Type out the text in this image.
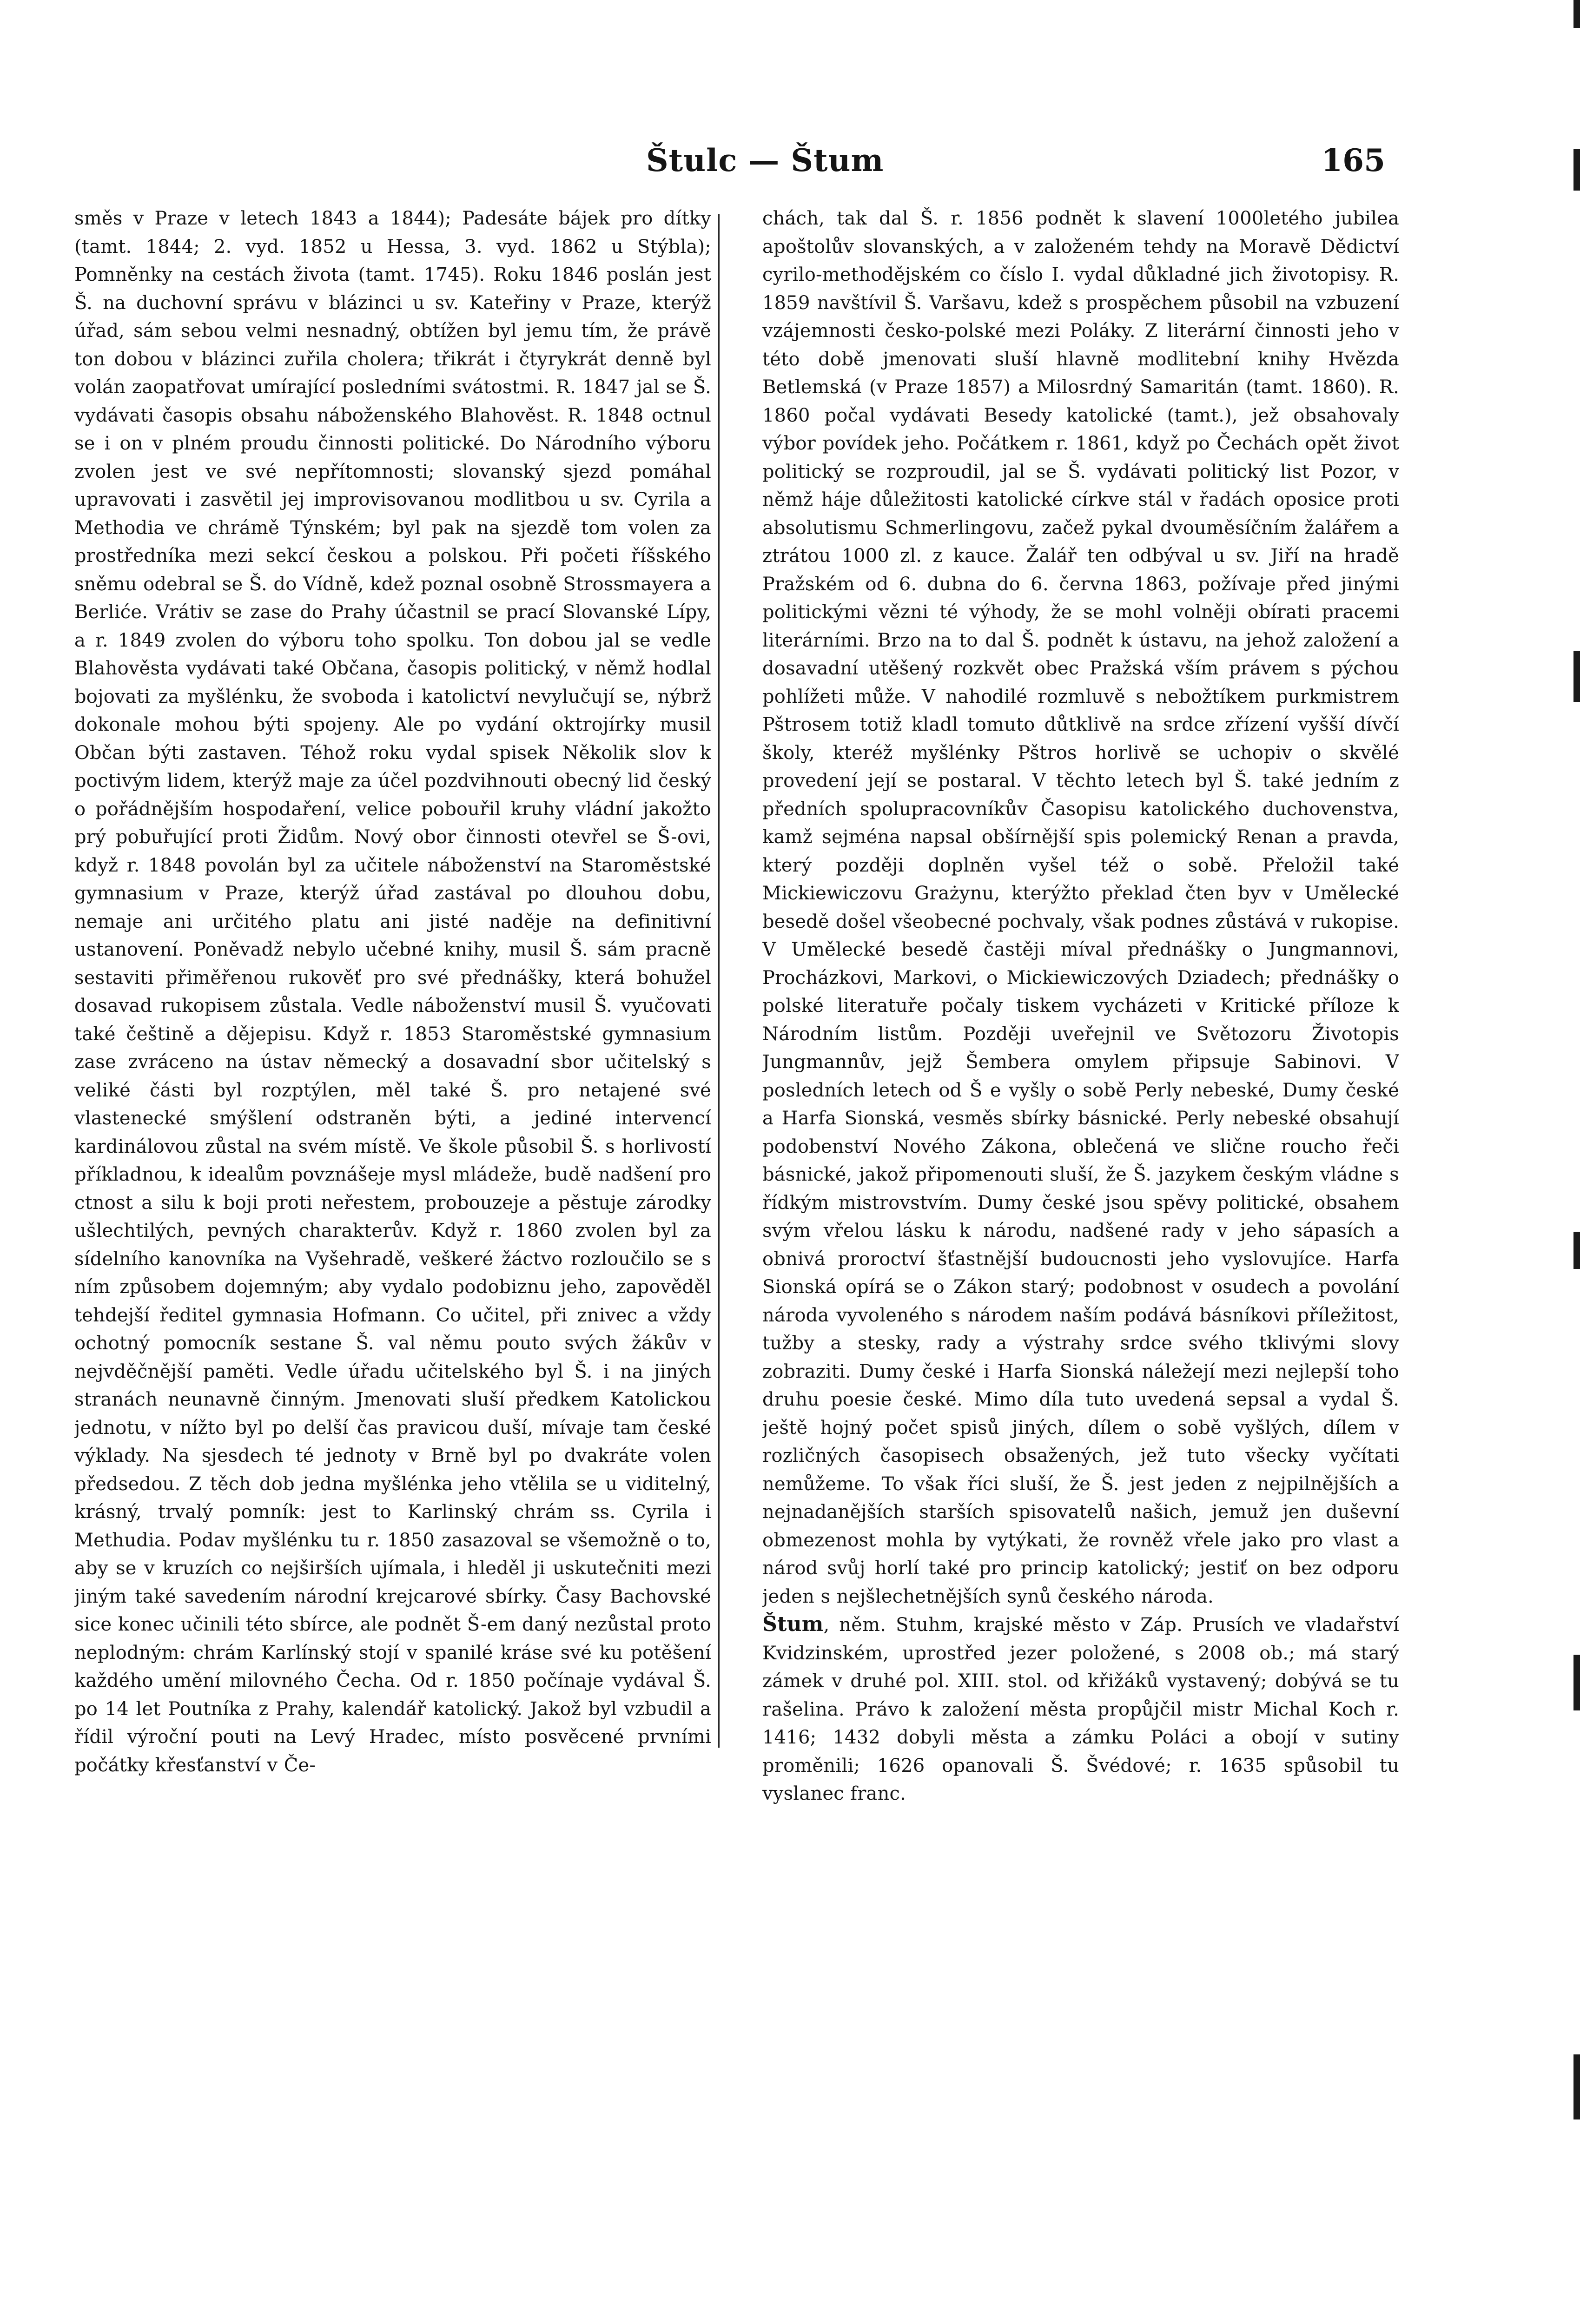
Štulc — Štum	165
směs v Praze v letech 1843 a 1844); Padesáte bájek pro dítky (tamt. 1844; 2. vyd. 1852 u Hessa, 3. vyd. 1862 u Stýbla); Pomněnky na cestách života (tamt. 1745). Roku 1846 poslán jest Š. na duchovní správu v blázinci u sv. Kateřiny v Praze, kterýž úřad, sám sebou velmi nesnadný, obtížen byl jemu tím, že právě ton dobou v blázinci zuřila cholera; třikrát i čtyrykrát denně byl volán zaopatřovat umírající posledními svátostmi. R. 1847 jal se Š. vydávati časopis obsahu náboženského Blahověst. R. 1848 octnul se i on v plném proudu činnosti politické. Do Národního výboru zvolen jest ve své nepřítomnosti; slovanský sjezd pomáhal upravovati i zasvětil jej improvisovanou modlitbou u sv. Cyrila a Methodia ve chrámě Týnském; byl pak na sjezdě tom volen za prostředníka mezi sekcí českou a polskou. Při početi říšského sněmu odebral se Š. do Vídně, kdež poznal osobně Strossmayera a Berliće. Vrátiv se zase do Prahy účastnil se prací Slovanské Lípy, a r. 1849 zvolen do výboru toho spolku. Ton dobou jal se vedle Blahověsta vydávati také Občana, časopis politický, v němž hodlal bojovati za myšlénku, že svoboda i katolictví nevylučují se, nýbrž dokonale mohou býti spojeny. Ale po vydání oktrojírky musil Občan býti zastaven. Téhož roku vydal spisek Několik slov k poctivým lidem, kterýž maje za účel pozdvihnouti obecný lid český o pořádnějším hospodaření, velice pobouřil kruhy vládní jakožto prý pobuřující proti Židům. Nový obor činnosti otevřel se Š-ovi, když r. 1848 povolán byl za učitele náboženství na Staroměstské gymnasium v Praze, kterýž úřad zastával po dlouhou dobu, nemaje ani určitého platu ani jisté naděje na definitivní ustanovení. Poněvadž nebylo učebné knihy, musil Š. sám pracně sestaviti přiměřenou rukověť pro své přednášky, která bohužel dosavad rukopisem zůstala. Vedle náboženství musil Š. vyučovati také češtině a dějepisu. Když r. 1853 Staroměstské gymnasium zase zvráceno na ústav německý a dosavadní sbor učitelský s veliké části byl rozptýlen, měl také Š. pro netajené své vlastenecké smýšlení odstraněn býti, a jediné intervencí kardinálovou zůstal na svém místě. Ve škole působil Š. s horlivostí příkladnou, k idealům povznášeje mysl mládeže, budě nadšení pro ctnost a silu k boji proti neřestem, probouzeje a pěstuje zárodky ušlechtilých, pevných charakterův. Když r. 1860 zvolen byl za sídelního kanovníka na Vyšehradě, veškeré žáctvo rozloučilo se s ním způsobem dojemným; aby vydalo podobiznu jeho, zapověděl tehdejší ředitel gymnasia Hofmann. Co učitel, při znivec a vždy ochotný pomocník sestane Š. val němu pouto svých žákův v nejvděčnější paměti. Vedle úřadu učitelského byl Š. i na jiných stranách neunavně činným. Jmenovati sluší předkem Katolickou jednotu, v nížto byl po delší čas pravicou duší, mívaje tam české výklady. Na sjesdech té jednoty v Brně byl po dvakráte volen předsedou. Z těch dob jedna myšlénka jeho vtělila se u viditelný, krásný, trvalý pomník: jest to Karlinský chrám ss. Cyrila i Methudia. Podav myšlénku tu r. 1850 zasazoval se všemožně o to, aby se v kruzích co nejširších ujímala, i hleděl ji uskutečniti mezi jiným také savedením národní krejcarové sbírky. Časy Bachovské sice konec učinili této sbírce, ale podnět Š-em daný nezůstal proto neplodným: chrám Karlínský stojí v spanilé kráse své ku potěšení každého umění milovného Čecha. Od r. 1850 počínaje vydával Š. po 14 let Poutníka z Prahy, kalendář katolický. Jakož byl vzbudil a řídil výroční pouti na Levý Hradec, místo posvěcené prvními počátky křesťanství v Če-
chách, tak dal Š. r. 1856 podnět k slavení 1000letého jubilea apoštolův slovanských, a v založeném tehdy na Moravě Dědictví cyrilo-methodějském co číslo I. vydal důkladné jich životopisy. R. 1859 navštívil Š. Varšavu, kdež s prospěchem působil na vzbuzení vzájemnosti česko-polské mezi Poláky. Z literární činnosti jeho v této době jmenovati sluší hlavně modlitební knihy Hvězda Betlemská (v Praze 1857) a Milosrdný Samaritán (tamt. 1860). R. 1860 počal vydávati Besedy katolické (tamt.), jež obsahovaly výbor povídek jeho. Počátkem r. 1861, když po Čechách opět život politický se rozproudil, jal se Š. vydávati politický list Pozor, v němž háje důležitosti katolické církve stál v řadách oposice proti absolutismu Schmerlingovu, začež pykal dvouměsíčním žalářem a ztrátou 1000 zl. z kauce. Žalář ten odbýval u sv. Jiří na hradě Pražském od 6. dubna do 6. června 1863, požívaje před jinými politickými vězni té výhody, že se mohl volněji obírati pracemi literárními. Brzo na to dal Š. podnět k ústavu, na jehož založení a dosavadní utěšený rozkvět obec Pražská vším právem s pýchou pohlížeti může. V nahodilé rozmluvě s nebožtíkem purkmistrem Pštrosem totiž kladl tomuto důtklivě na srdce zřízení vyšší dívčí školy, kteréž myšlénky Pštros horlivě se uchopiv o skvělé provedení její se postaral. V těchto letech byl Š. také jedním z předních spolupracovníkův Časopisu katolického duchovenstva, kamž sejména napsal obšírnější spis polemický Renan a pravda, který později doplněn vyšel též o sobě. Přeložil také Mickiewiczovu Grażynu, kterýžto překlad čten byv v Umělecké besedě došel všeobecné pochvaly, však podnes zůstává v rukopise. V Umělecké besedě častěji míval přednášky o Jungmannovi, Procházkovi, Markovi, o Mickiewiczových Dziadech; přednášky o polské literatuře počaly tiskem vycházeti v Kritické příloze k Národním listům. Později uveřejnil ve Světozoru Životopis Jungmannův, jejž Šembera omylem připsuje Sabinovi. V posledních letech od Š e vyšly o sobě Perly nebeské, Dumy české a Harfa Sionská, vesměs sbírky básnické. Perly nebeské obsahují podobenství Nového Zákona, oblečená ve slične roucho řeči básnické, jakož připomenouti sluší, že Š. jazykem českým vládne s řídkým mistrovstvím. Dumy české jsou spěvy politické, obsahem svým vřelou lásku k národu, nadšené rady v jeho sápasích a obnivá proroctví šťastnější budoucnosti jeho vyslovujíce. Harfa Sionská opírá se o Zákon starý; podobnost v osudech a povolání národa vyvoleného s národem naším podává básníkovi příležitost, tužby a stesky, rady a výstrahy srdce svého tklivými slovy zobraziti. Dumy české i Harfa Sionská náležejí mezi nejlepší toho druhu poesie české. Mimo díla tuto uvedená sepsal a vydal Š. ještě hojný počet spisů jiných, dílem o sobě vyšlých, dílem v rozličných časopisech obsažených, jež tuto všecky vyčítati nemůžeme. To však říci sluší, že Š. jest jeden z nejpilnějších a nejnadanějších starších spisovatelů našich, jemuž jen duševní obmezenost mohla by vytýkati, že rovněž vřele jako pro vlast a národ svůj horlí také pro princip katolický; jestiť on bez odporu jeden s nejšlechetnějších synů českého národa.
Štum, něm. Stuhm, krajské město v Záp. Prusích ve vladařství Kvidzinském, uprostřed jezer položené, s 2008 ob.; má starý zámek v druhé pol. XIII. stol. od křižáků vystavený; dobývá se tu rašelina. Právo k založení města propůjčil mistr Michal Koch r. 1416; 1432 dobyli města a zámku Poláci a obojí v sutiny proměnili; 1626 opanovali Š. Švédové; r. 1635 spůsobil tu vyslanec franc.
